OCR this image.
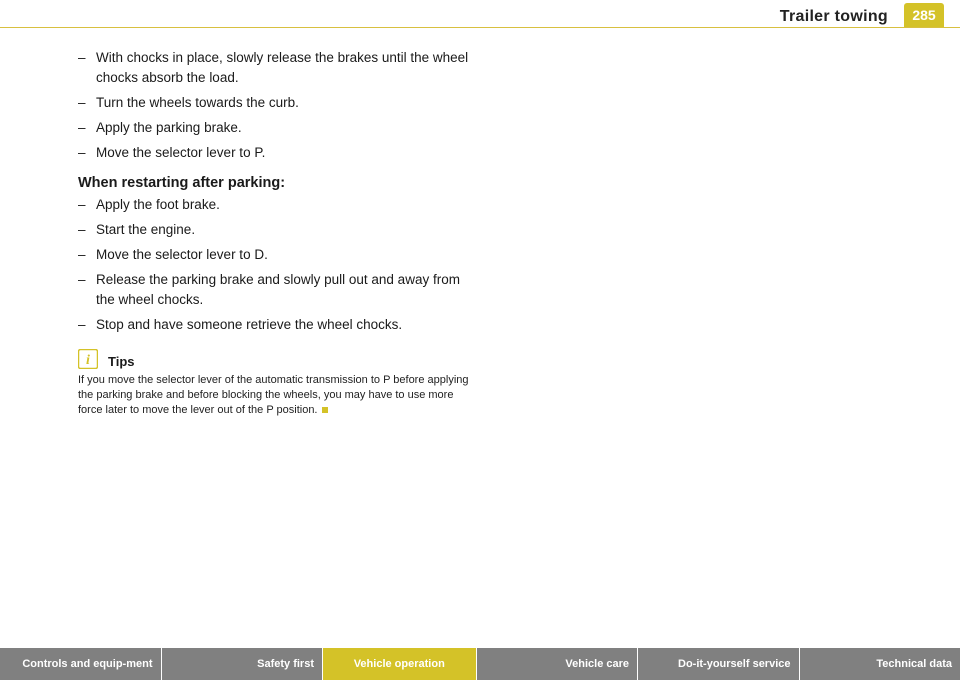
Trailer towing	285
– With chocks in place, slowly release the brakes until the wheel chocks absorb the load.
– Turn the wheels towards the curb.
– Apply the parking brake.
– Move the selector lever to P.
When restarting after parking:
– Apply the foot brake.
– Start the engine.
– Move the selector lever to D.
– Release the parking brake and slowly pull out and away from the wheel chocks.
– Stop and have someone retrieve the wheel chocks.
i Tips
If you move the selector lever of the automatic transmission to P before applying the parking brake and before blocking the wheels, you may have to use more force later to move the lever out of the P position.
Controls and equip-ment	Safety first	Vehicle operation	Vehicle care	Do-it-yourself service	Technical data
